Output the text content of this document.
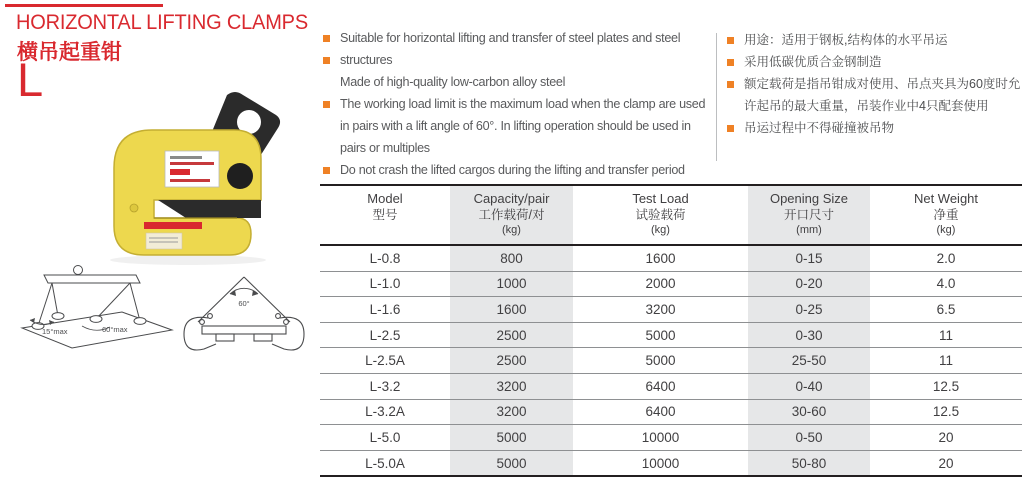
HORIZONTAL LIFTING CLAMPS
横吊起重钳
L
15°max	60°max
60°
Suitable for horizontal lifting and transfer of steel plates and steel
structures
Made of high-quality low-carbon alloy steel
The working load limit is the maximum load when the clamp are used
in pairs with a lift angle of 60°. In lifting operation should be used in
pairs or multiples
Do not crash the lifted cargos during the lifting and transfer period
用途：适用于钢板,结构体的水平吊运
采用低碳优质合金钢制造
额定载荷是指吊钳成对使用、吊点夹具为60度时允
许起吊的最大重量，吊装作业中4只配套使用
吊运过程中不得碰撞被吊物
Model
型号

Capacity/pair
工作载荷/对
(kg)

Test Load
试验载荷
(kg)

Opening Size
开口尺寸
(mm)

Net Weight
净重
(kg)

L-0.8	800	1600	0-15	2.0
L-1.0	1000	2000	0-20	4.0
L-1.6	1600	3200	0-25	6.5
L-2.5	2500	5000	0-30	11
L-2.5A	2500	5000	25-50	11
L-3.2	3200	6400	0-40	12.5
L-3.2A	3200	6400	30-60	12.5
L-5.0	5000	10000	0-50	20
L-5.0A	5000	10000	50-80	20
